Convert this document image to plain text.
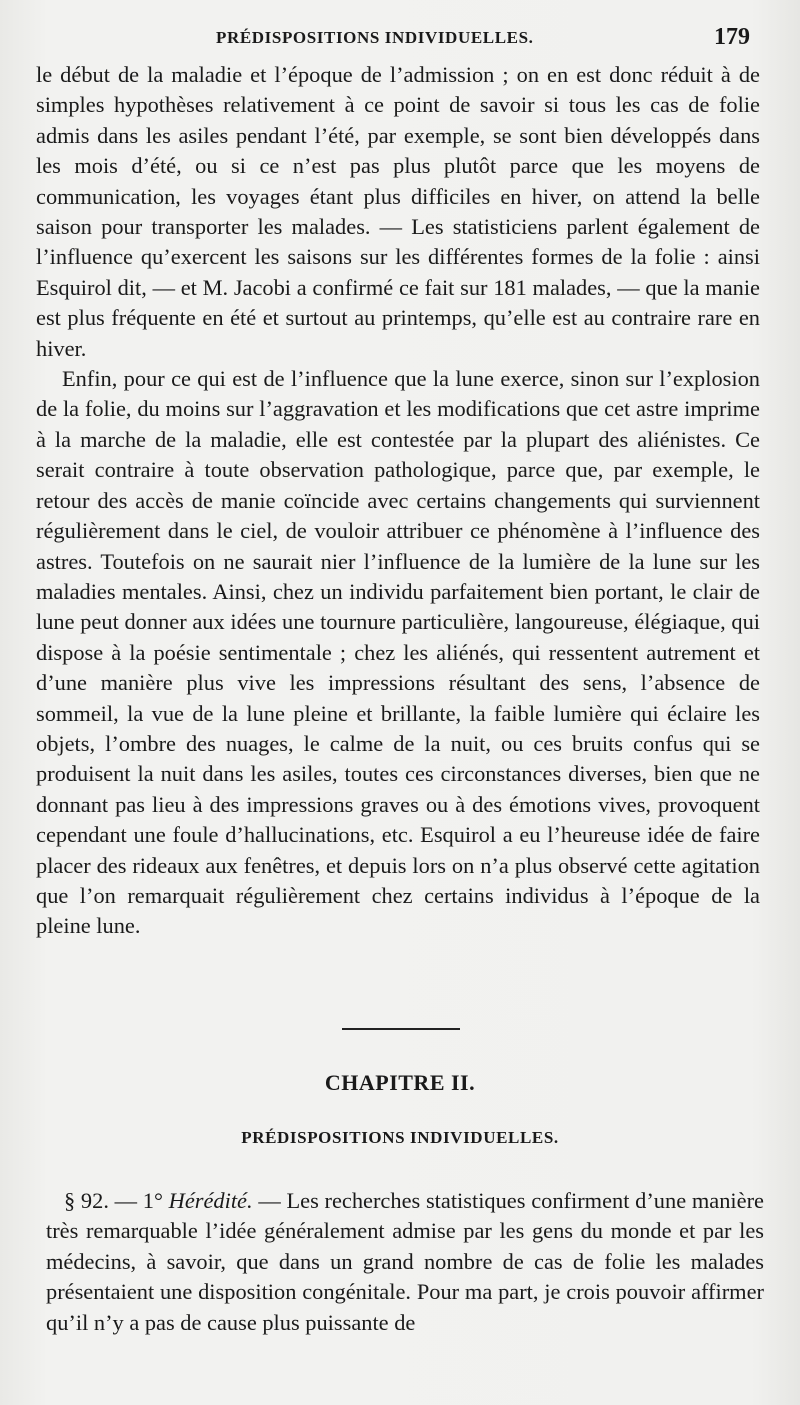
PRÉDISPOSITIONS INDIVIDUELLES.	179

le début de la maladie et l’époque de l’admission ; on en est donc réduit à de simples hypothèses relativement à ce point de savoir si tous les cas de folie admis dans les asiles pendant l’été, par exemple, se sont bien développés dans les mois d’été, ou si ce n’est pas plus plutôt parce que les moyens de communication, les voyages étant plus difficiles en hiver, on attend la belle saison pour transporter les malades. — Les statisticiens parlent également de l’influence qu’exercent les saisons sur les différentes formes de la folie : ainsi Esquirol dit, — et M. Jacobi a confirmé ce fait sur 181 malades, — que la manie est plus fréquente en été et surtout au printemps, qu’elle est au contraire rare en hiver.

Enfin, pour ce qui est de l’influence que la lune exerce, sinon sur l’explosion de la folie, du moins sur l’aggravation et les modifications que cet astre imprime à la marche de la maladie, elle est contestée par la plupart des aliénistes. Ce serait contraire à toute observation pathologique, parce que, par exemple, le retour des accès de manie coïncide avec certains changements qui surviennent régulièrement dans le ciel, de vouloir attribuer ce phénomène à l’influence des astres. Toutefois on ne saurait nier l’influence de la lumière de la lune sur les maladies mentales. Ainsi, chez un individu parfaitement bien portant, le clair de lune peut donner aux idées une tournure particulière, langoureuse, élégiaque, qui dispose à la poésie sentimentale ; chez les aliénés, qui ressentent autrement et d’une manière plus vive les impressions résultant des sens, l’absence de sommeil, la vue de la lune pleine et brillante, la faible lumière qui éclaire les objets, l’ombre des nuages, le calme de la nuit, ou ces bruits confus qui se produisent la nuit dans les asiles, toutes ces circonstances diverses, bien que ne donnant pas lieu à des impressions graves ou à des émotions vives, provoquent cependant une foule d’hallucinations, etc. Esquirol a eu l’heureuse idée de faire placer des rideaux aux fenêtres, et depuis lors on n’a plus observé cette agitation que l’on remarquait régulièrement chez certains individus à l’époque de la pleine lune.

CHAPITRE II.
PRÉDISPOSITIONS INDIVIDUELLES.

§ 92. — 1° Hérédité. — Les recherches statistiques confirment d’une manière très remarquable l’idée généralement admise par les gens du monde et par les médecins, à savoir, que dans un grand nombre de cas de folie les malades présentaient une disposition congénitale. Pour ma part, je crois pouvoir affirmer qu’il n’y a pas de cause plus puissante de
